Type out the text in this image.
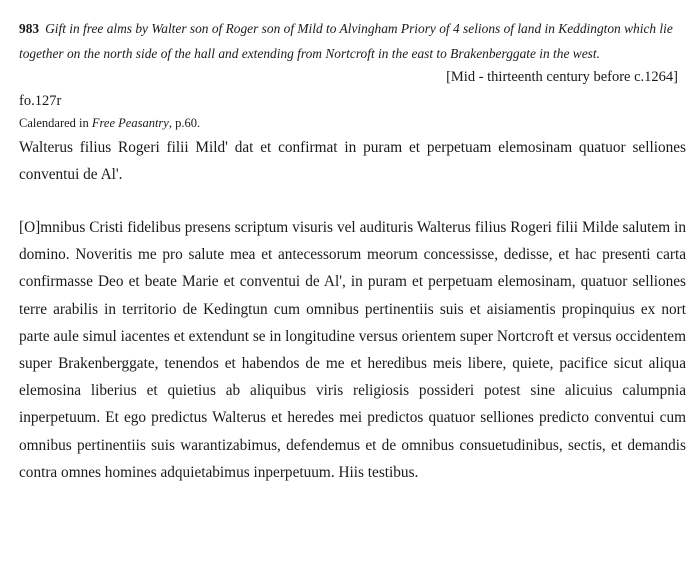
983 Gift in free alms by Walter son of Roger son of Mild to Alvingham Priory of 4 selions of land in Keddington which lie together on the north side of the hall and extending from Nortcroft in the east to Brakenberggate in the west.

[Mid - thirteenth century before c.1264]

fo.127r

Calendared in Free Peasantry, p.60.

Walterus filius Rogeri filii Mild' dat et confirmat in puram et perpetuam elemosinam quatuor selliones conventui de Al'.

[O]mnibus Cristi fidelibus presens scriptum visuris vel audituris Walterus filius Rogeri filii Milde salutem in domino. Noveritis me pro salute mea et antecessorum meorum concessisse, dedisse, et hac presenti carta confirmasse Deo et beate Marie et conventui de Al', in puram et perpetuam elemosinam, quatuor selliones terre arabilis in territorio de Kedingtun cum omnibus pertinentiis suis et aisiamentis propinquius ex nort parte aule simul iacentes et extendunt se in longitudine versus orientem super Nortcroft et versus occidentem super Brakenberggate, tenendos et habendos de me et heredibus meis libere, quiete, pacifice sicut aliqua elemosina liberius et quietius ab aliquibus viris religiosis possideri potest sine alicuius calumpnia inperpetuum. Et ego predictus Walterus et heredes mei predictos quatuor selliones predicto conventui cum omnibus pertinentiis suis warantizabimus, defendemus et de omnibus consuetudinibus, sectis, et demandis contra omnes homines adquietabimus inperpetuum. Hiis testibus.
